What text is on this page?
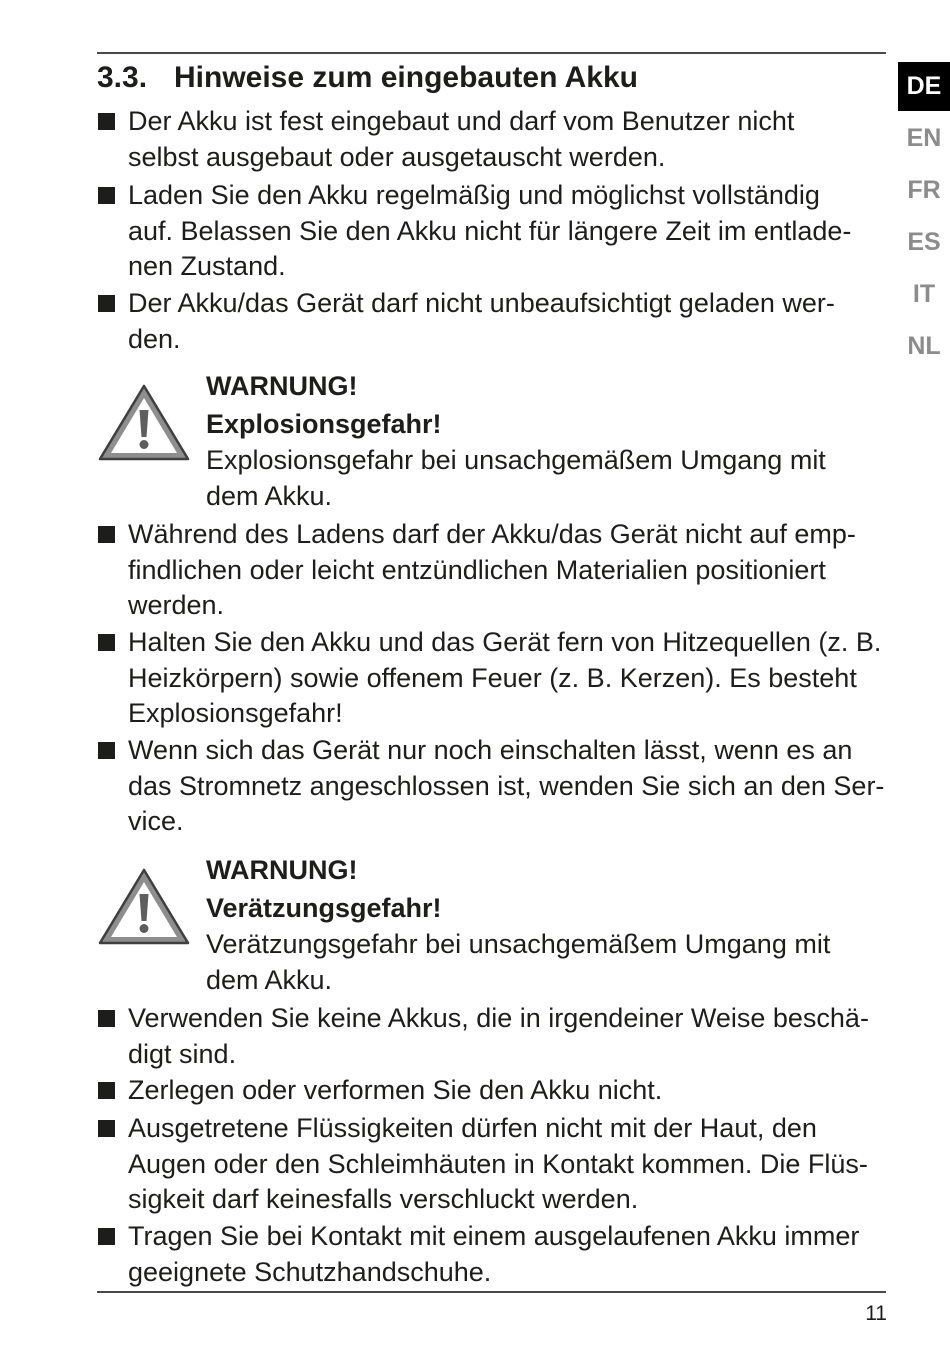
3.3. Hinweise zum eingebauten Akku	DE
EN
FR
ES
IT
NL
Der Akku ist fest eingebaut und darf vom Benutzer nicht
selbst ausgebaut oder ausgetauscht werden.
Laden Sie den Akku regelmäßig und möglichst vollständig
auf. Belassen Sie den Akku nicht für längere Zeit im entlade-
nen Zustand.
Der Akku/das Gerät darf nicht unbeaufsichtigt geladen wer-
den.
WARNUNG!
Explosionsgefahr!
Explosionsgefahr bei unsachgemäßem Umgang mit
dem Akku.
Während des Ladens darf der Akku/das Gerät nicht auf emp-
findlichen oder leicht entzündlichen Materialien positioniert
werden.
Halten Sie den Akku und das Gerät fern von Hitzequellen (z. B.
Heizkörpern) sowie offenem Feuer (z. B. Kerzen). Es besteht
Explosionsgefahr!
Wenn sich das Gerät nur noch einschalten lässt, wenn es an
das Stromnetz angeschlossen ist, wenden Sie sich an den Ser-
vice.
WARNUNG!
Verätzungsgefahr!
Verätzungsgefahr bei unsachgemäßem Umgang mit
dem Akku.
Verwenden Sie keine Akkus, die in irgendeiner Weise beschä-
digt sind.
Zerlegen oder verformen Sie den Akku nicht.
Ausgetretene Flüssigkeiten dürfen nicht mit der Haut, den
Augen oder den Schleimhäuten in Kontakt kommen. Die Flüs-
sigkeit darf keinesfalls verschluckt werden.
Tragen Sie bei Kontakt mit einem ausgelaufenen Akku immer
geeignete Schutzhandschuhe.
11
